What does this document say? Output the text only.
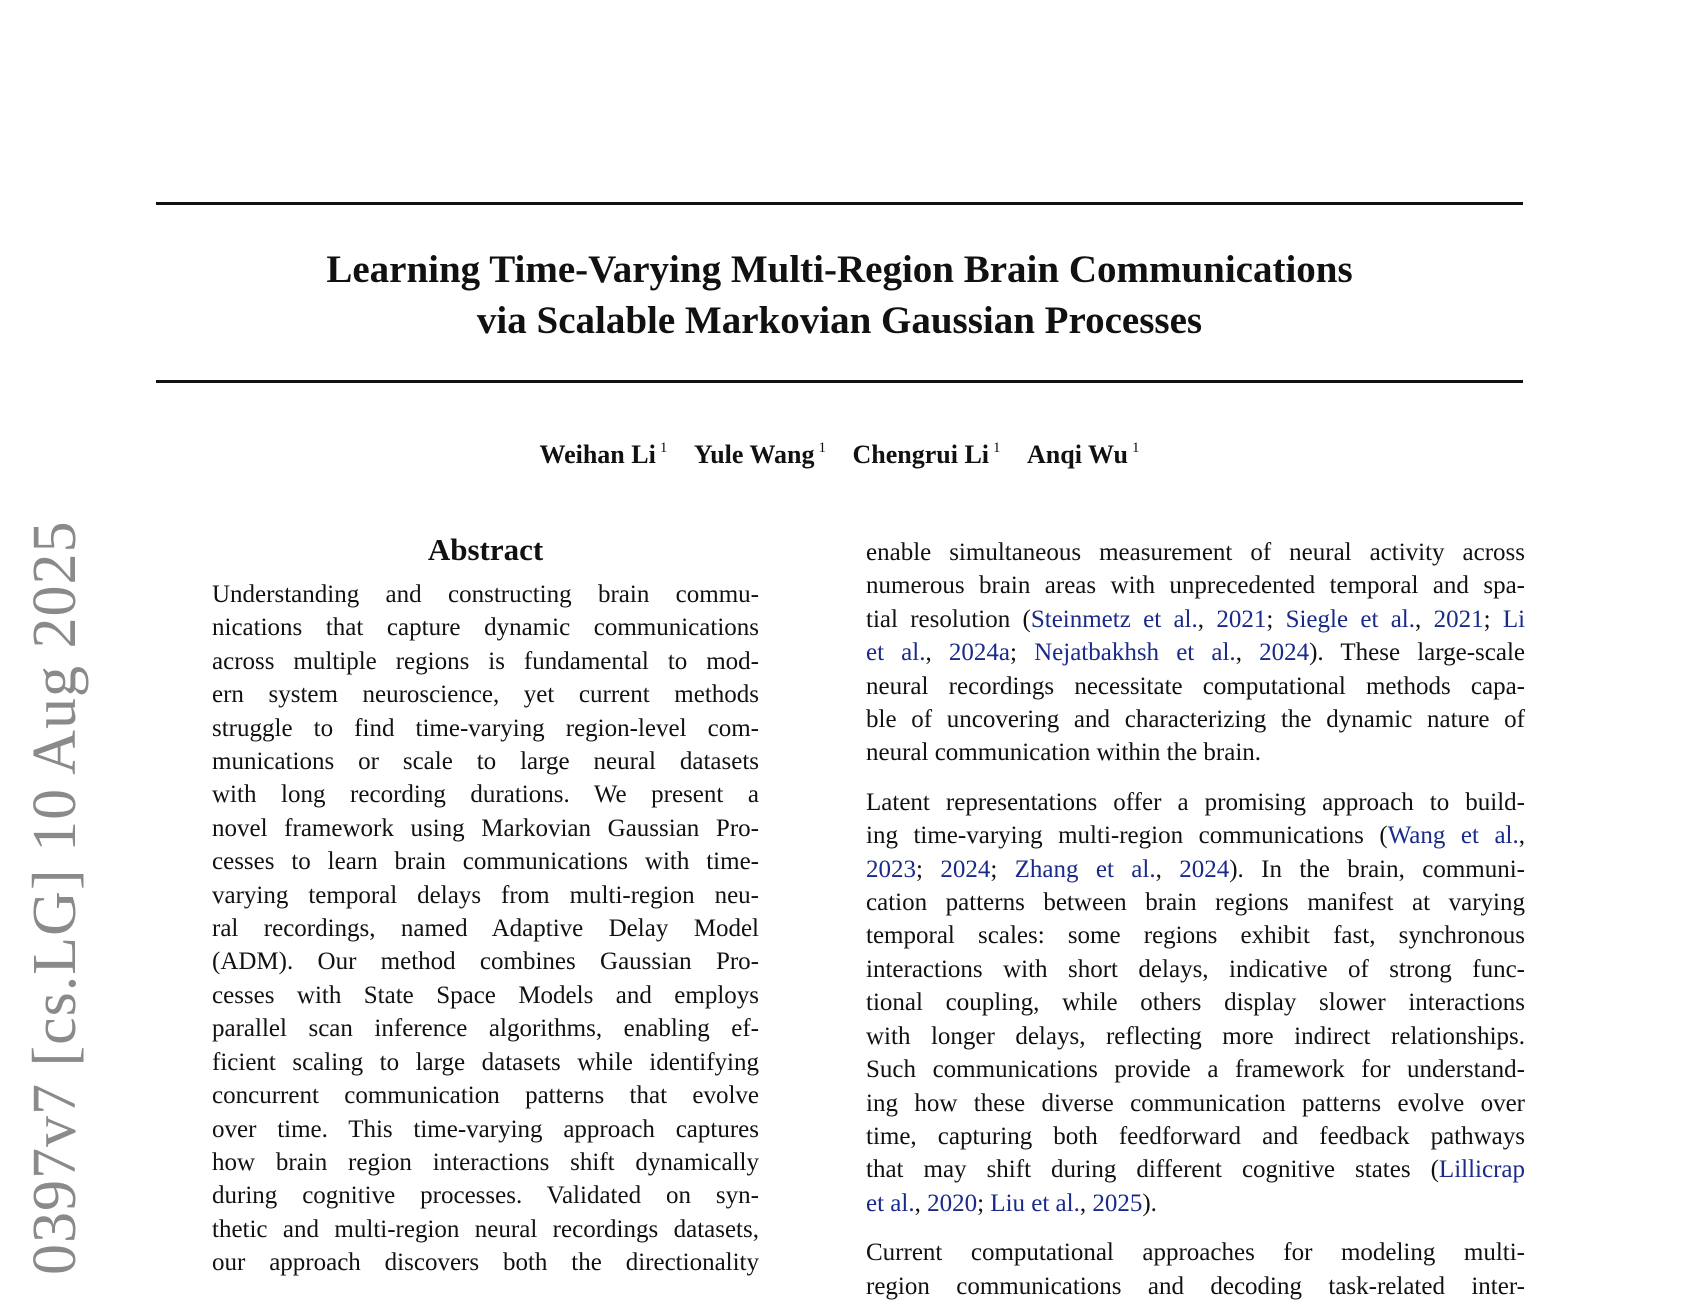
0397v7 [cs.LG] 10 Aug 2025
Learning Time-Varying Multi-Region Brain Communications
via Scalable Markovian Gaussian Processes
Weihan Li $^1$ Yule Wang $^1$ Chengrui Li $^1$ Anqi Wu $^1$
Abstract
Understanding and constructing brain commu-
nications that capture dynamic communications
across multiple regions is fundamental to mod-
ern system neuroscience, yet current methods
struggle to find time-varying region-level com-
munications or scale to large neural datasets
with long recording durations. We present a
novel framework using Markovian Gaussian Pro-
cesses to learn brain communications with time-
varying temporal delays from multi-region neu-
ral recordings, named Adaptive Delay Model
(ADM). Our method combines Gaussian Pro-
cesses with State Space Models and employs
parallel scan inference algorithms, enabling ef-
ficient scaling to large datasets while identifying
concurrent communication patterns that evolve
over time. This time-varying approach captures
how brain region interactions shift dynamically
during cognitive processes. Validated on syn-
thetic and multi-region neural recordings datasets,
our approach discovers both the directionality
enable simultaneous measurement of neural activity across
numerous brain areas with unprecedented temporal and spa-
tial resolution (Steinmetz et al., 2021; Siegle et al., 2021; Li
et al., 2024a; Nejatbakhsh et al., 2024). These large-scale
neural recordings necessitate computational methods capa-
ble of uncovering and characterizing the dynamic nature of
neural communication within the brain.
Latent representations offer a promising approach to build-
ing time-varying multi-region communications (Wang et al.,
2023; 2024; Zhang et al., 2024). In the brain, communi-
cation patterns between brain regions manifest at varying
temporal scales: some regions exhibit fast, synchronous
interactions with short delays, indicative of strong func-
tional coupling, while others display slower interactions
with longer delays, reflecting more indirect relationships.
Such communications provide a framework for understand-
ing how these diverse communication patterns evolve over
time, capturing both feedforward and feedback pathways
that may shift during different cognitive states (Lillicrap
et al., 2020; Liu et al., 2025).
Current computational approaches for modeling multi-
region communications and decoding task-related inter-
